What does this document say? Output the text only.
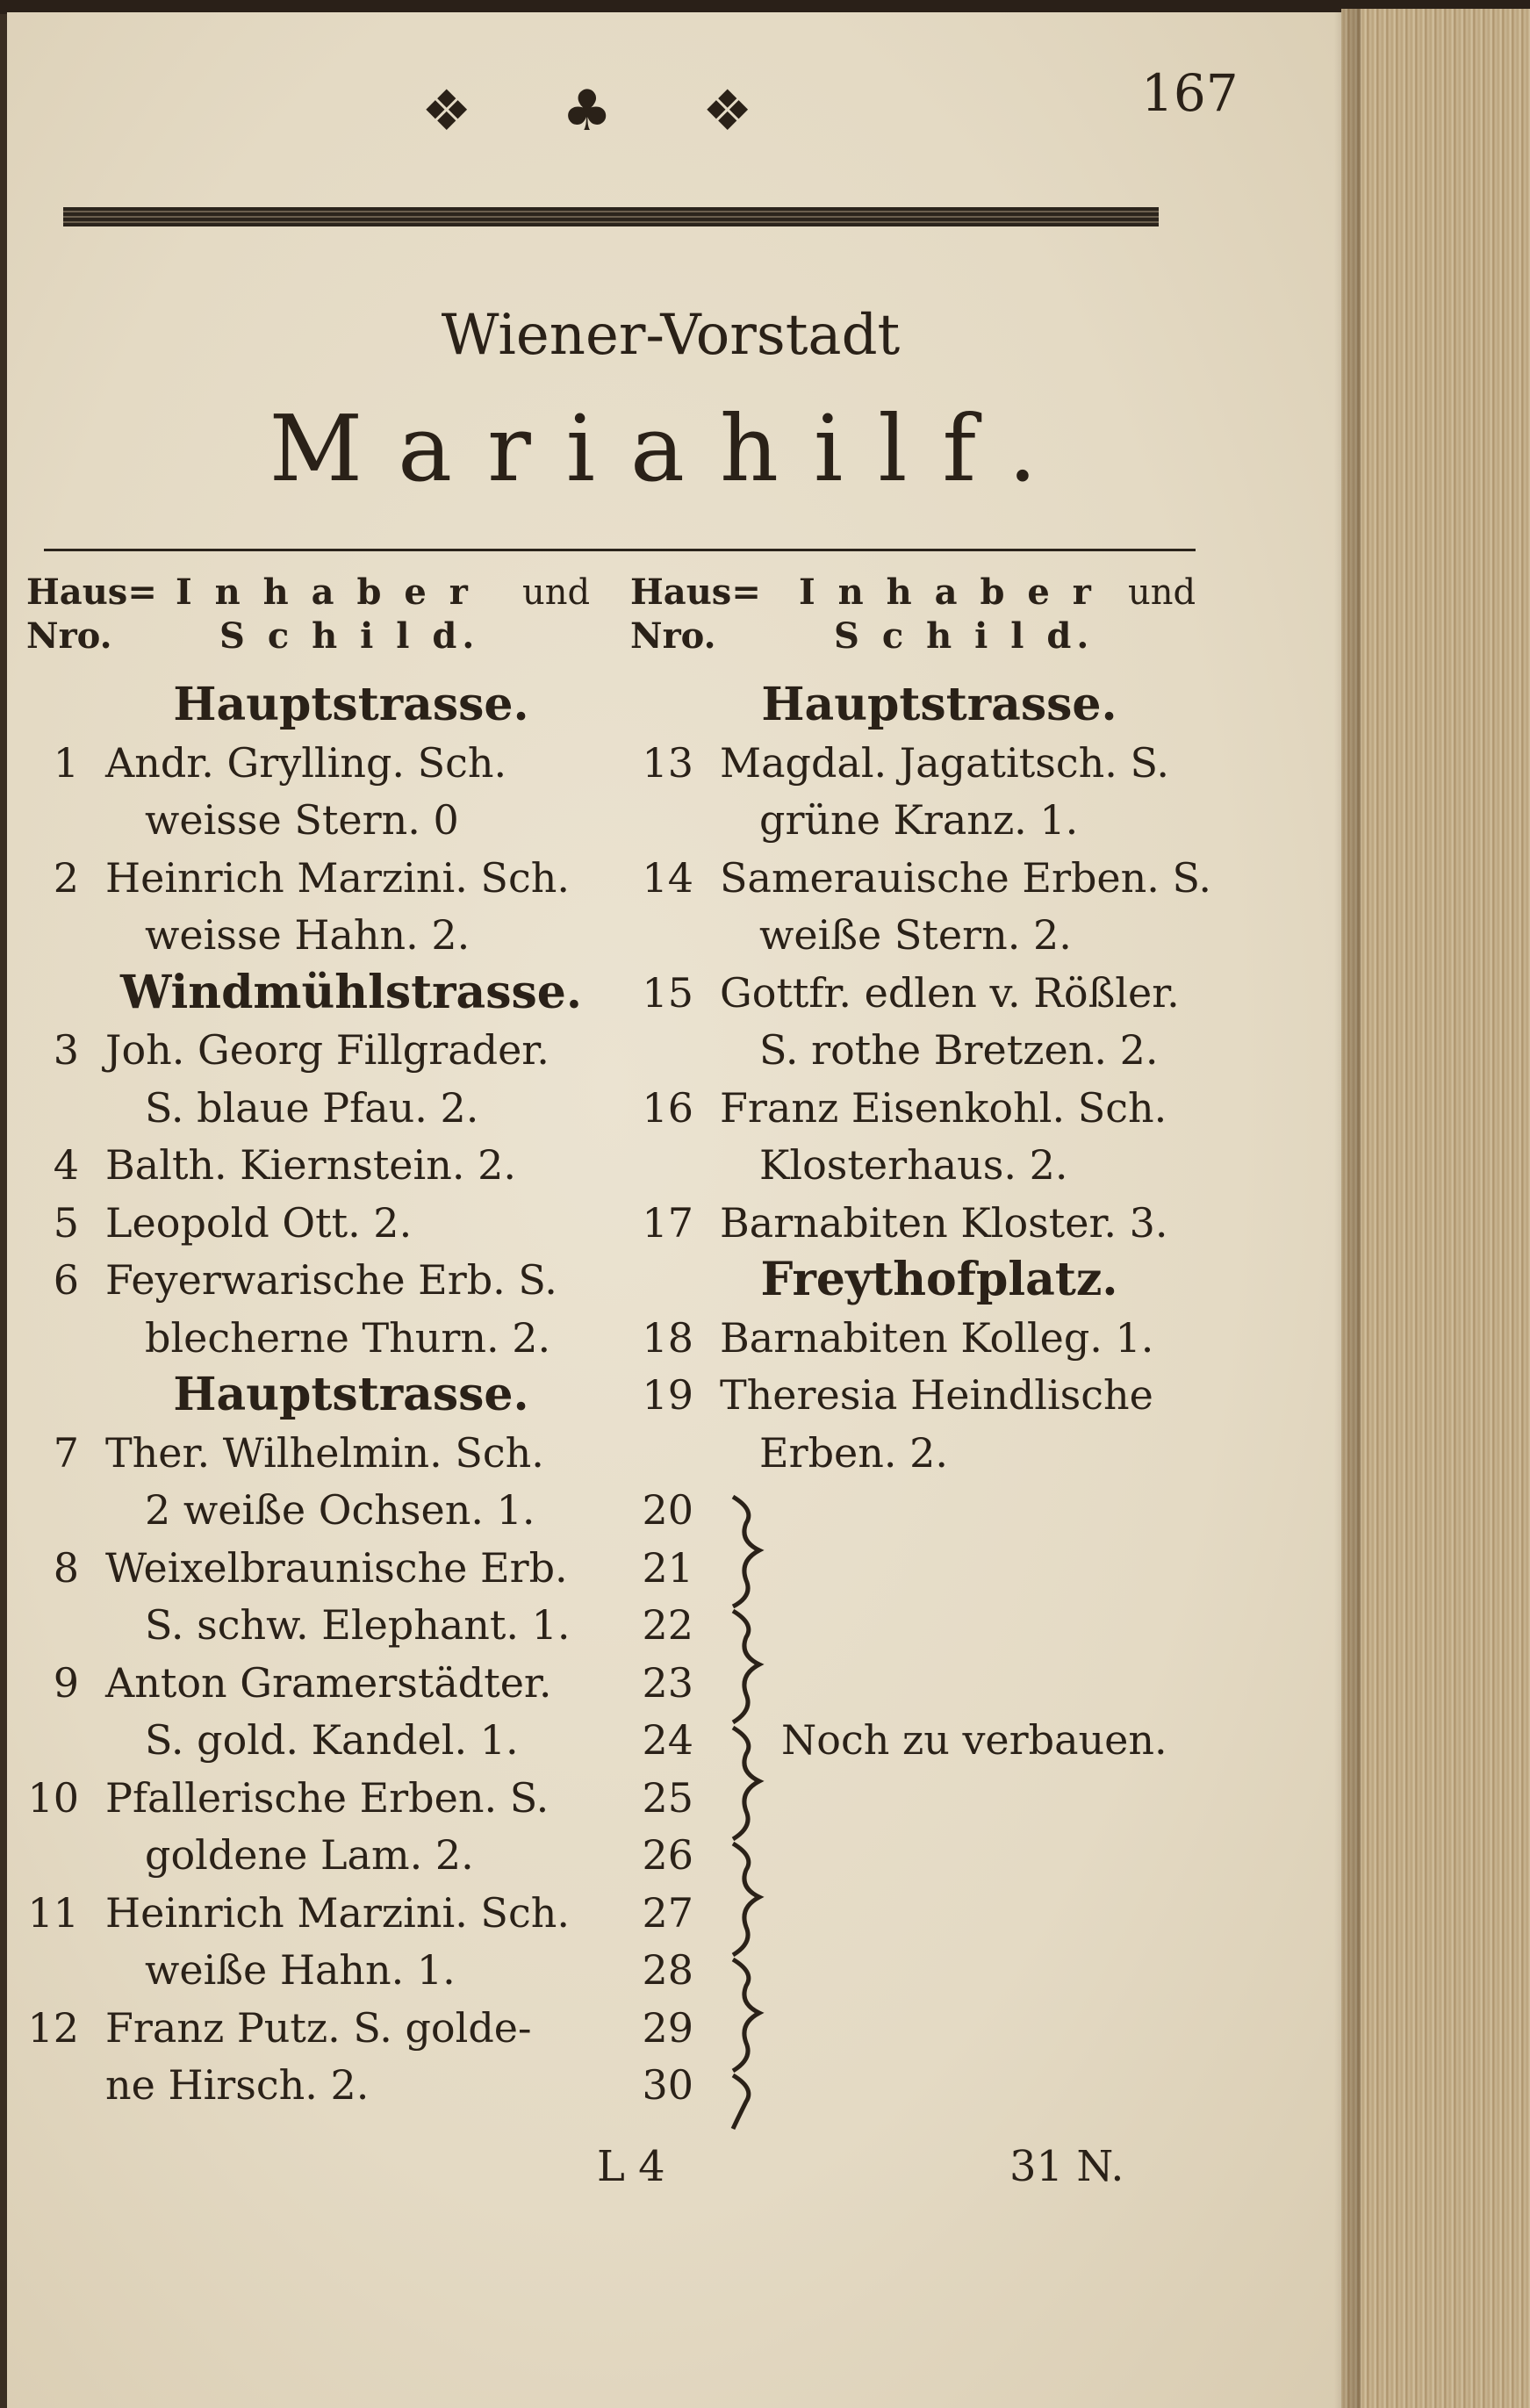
167
❖ ♣ ❖
Wiener-Vorstadt
Mariahilf.
Haus=
Nro.
I n h a b e r
S c h i l d.
und Haus=
Nro.
I n h a b e r
S c h i l d.
und
Hauptstrasse.
1 Andr. Grylling. Sch.
weisse Stern. 0
2 Heinrich Marzini. Sch.
weisse Hahn. 2.
Windmühlstrasse.
3 Joh. Georg Fillgrader.
S. blaue Pfau. 2.
4 Balth. Kiernstein. 2.
5 Leopold Ott. 2.
6 Feyerwarische Erb. S.
blecherne Thurn. 2.
Hauptstrasse.
7 Ther. Wilhelmin. Sch.
2 weiße Ochsen. 1.
8 Weixelbraunische Erb.
S. schw. Elephant. 1.
9 Anton Gramerstädter.
S. gold. Kandel. 1.
10 Pfallerische Erben. S.
goldene Lam. 2.
11 Heinrich Marzini. Sch.
weiße Hahn. 1.
12 Franz Putz. S. golde-
ne Hirsch. 2.
Hauptstrasse.
13 Magdal. Jagatitsch. S.
grüne Kranz. 1.
14 Samerauische Erben. S.
weiße Stern. 2.
15 Gottfr. edlen v. Rößler.
S. rothe Bretzen. 2.
16 Franz Eisenkohl. Sch.
Klosterhaus. 2.
17 Barnabiten Kloster. 3.
Freythofplatz.
18 Barnabiten Kolleg. 1.
19 Theresia Heindlische
Erben. 2.
20
21
22
23
24 Noch zu verbauen.
25
26
27
28
29
30
L 4	31 N.
